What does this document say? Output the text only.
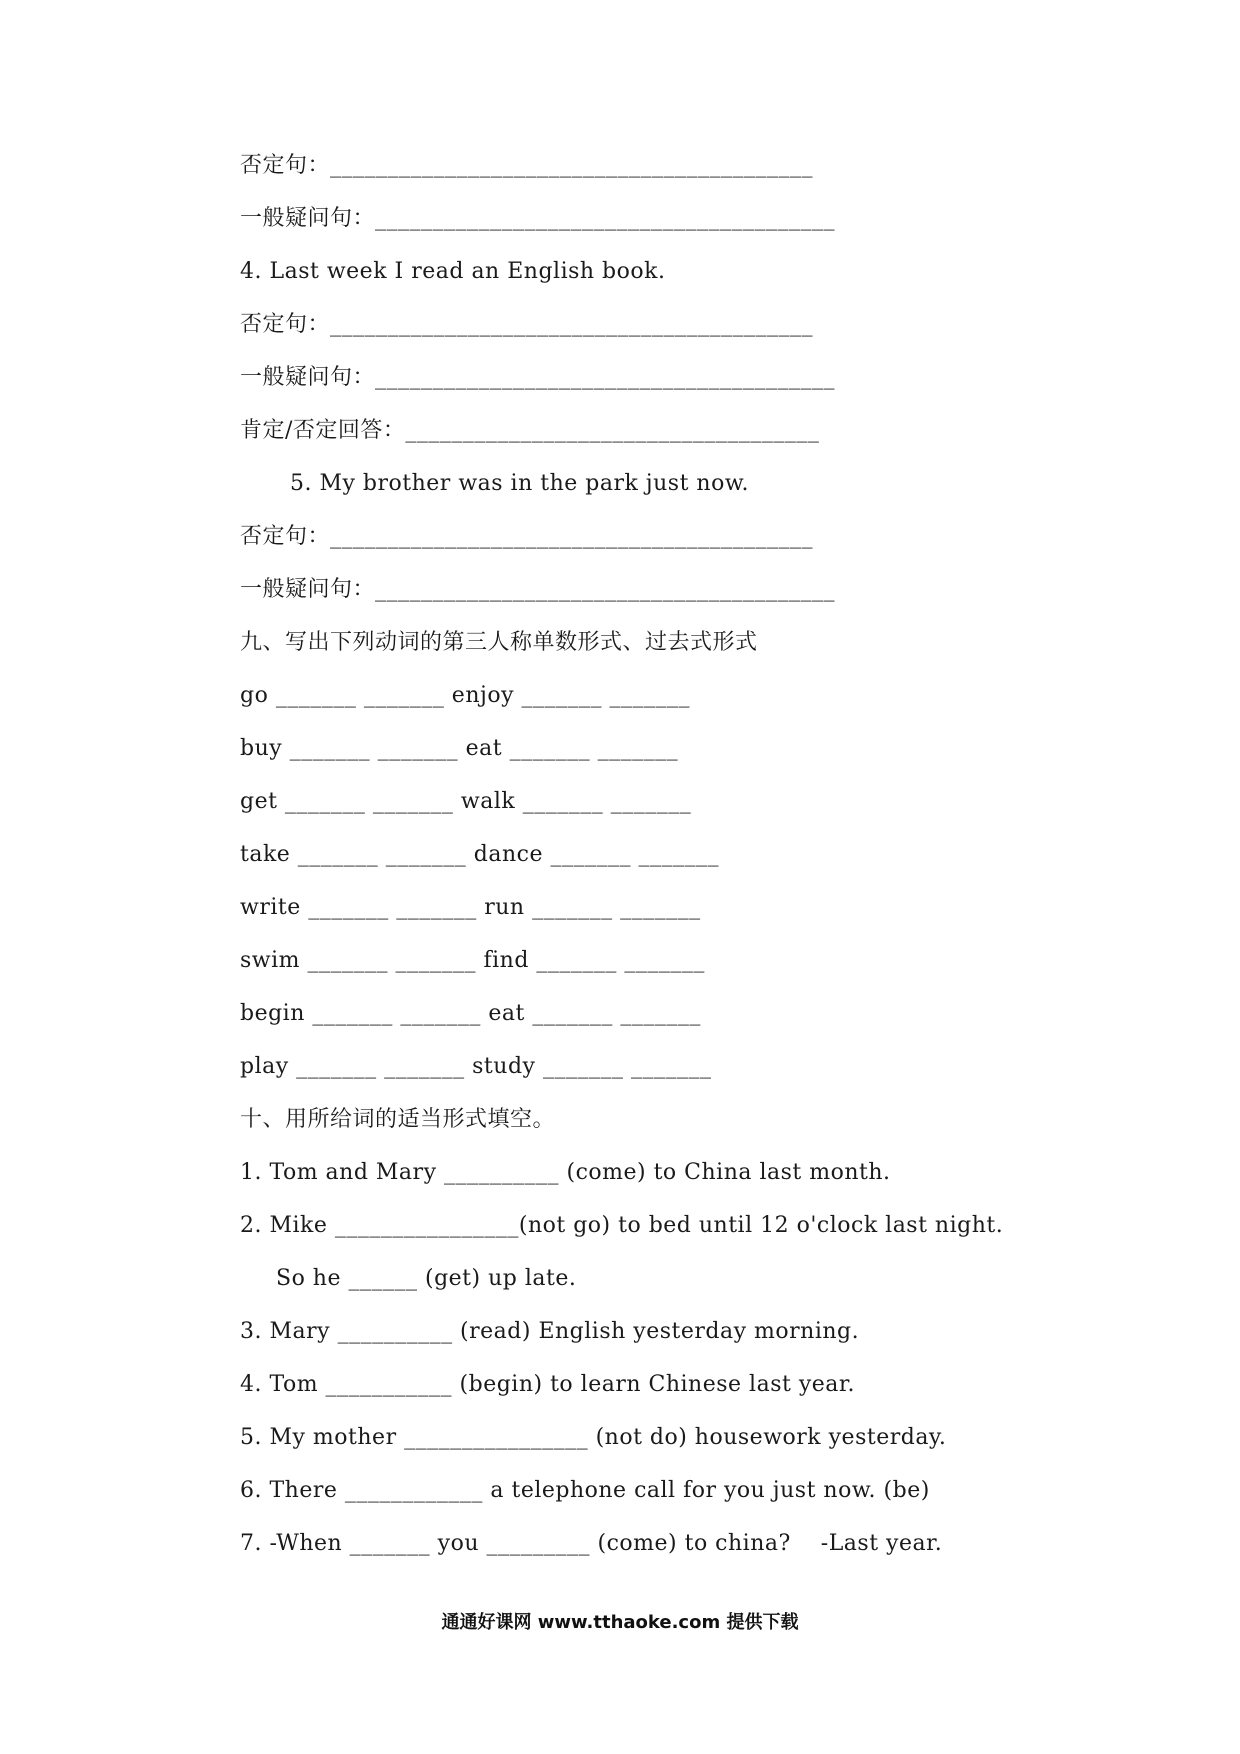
否定句：__________________________________________
一般疑问句：________________________________________
4. Last week I read an English book.
否定句：__________________________________________
一般疑问句：________________________________________
肯定/否定回答：____________________________________
5. My brother was in the park just now.
否定句：__________________________________________
一般疑问句：________________________________________
九、写出下列动词的第三人称单数形式、过去式形式
go _______ _______ enjoy _______ _______
buy _______ _______ eat _______ _______
get _______ _______ walk _______ _______
take _______ _______ dance _______ _______
write _______ _______ run _______ _______
swim _______ _______ find _______ _______
begin _______ _______ eat _______ _______
play _______ _______ study _______ _______
十、用所给词的适当形式填空。
1. Tom and Mary __________ (come) to China last month.
2. Mike ________________(not go) to bed until 12 o'clock last night.
So he ______ (get) up late.
3. Mary __________ (read) English yesterday morning.
4. Tom ___________ (begin) to learn Chinese last year.
5. My mother ________________ (not do) housework yesterday.
6. There ____________ a telephone call for you just now. (be)
7. -When _______ you _________ (come) to china?    -Last year.
通通好课网 www.tthaoke.com 提供下载
